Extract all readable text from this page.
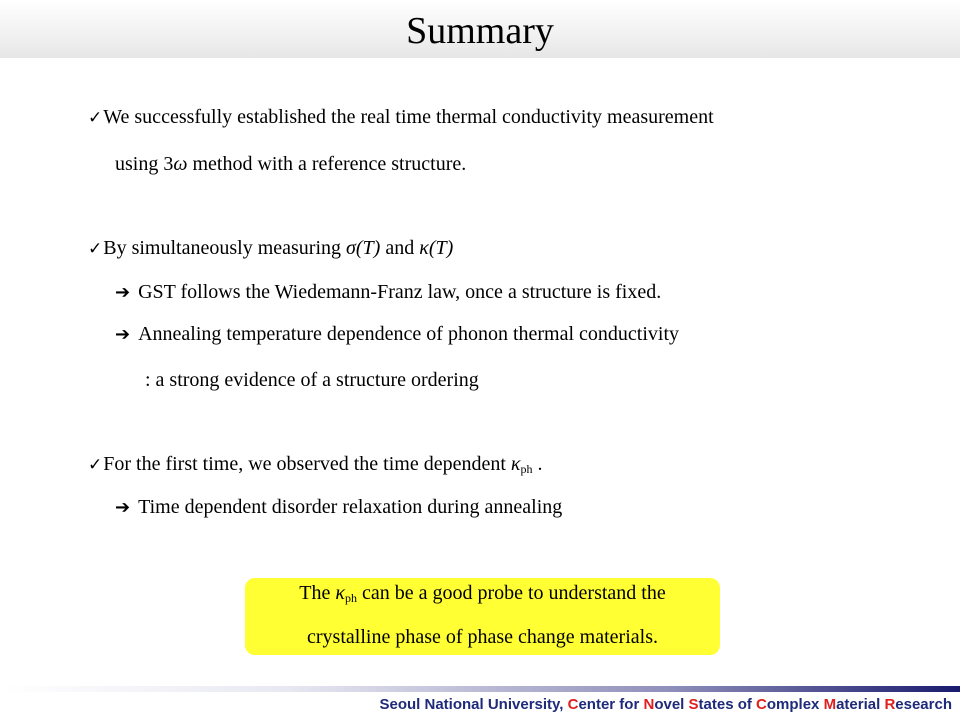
Summary
✓We successfully established the real time thermal conductivity measurement
using 3ω method with a reference structure.
✓By simultaneously measuring σ(T) and κ(T)
➔ GST follows the Wiedemann-Franz law, once a structure is fixed.
➔ Annealing temperature dependence of phonon thermal conductivity
: a strong evidence of a structure ordering
✓For the first time, we observed the time dependent $\kappa_{ph}$ .
➔ Time dependent disorder relaxation during annealing
The $\kappa_{ph}$ can be a good probe to understand the
crystalline phase of phase change materials.
Seoul National University, Center for Novel States of Complex Material Research
